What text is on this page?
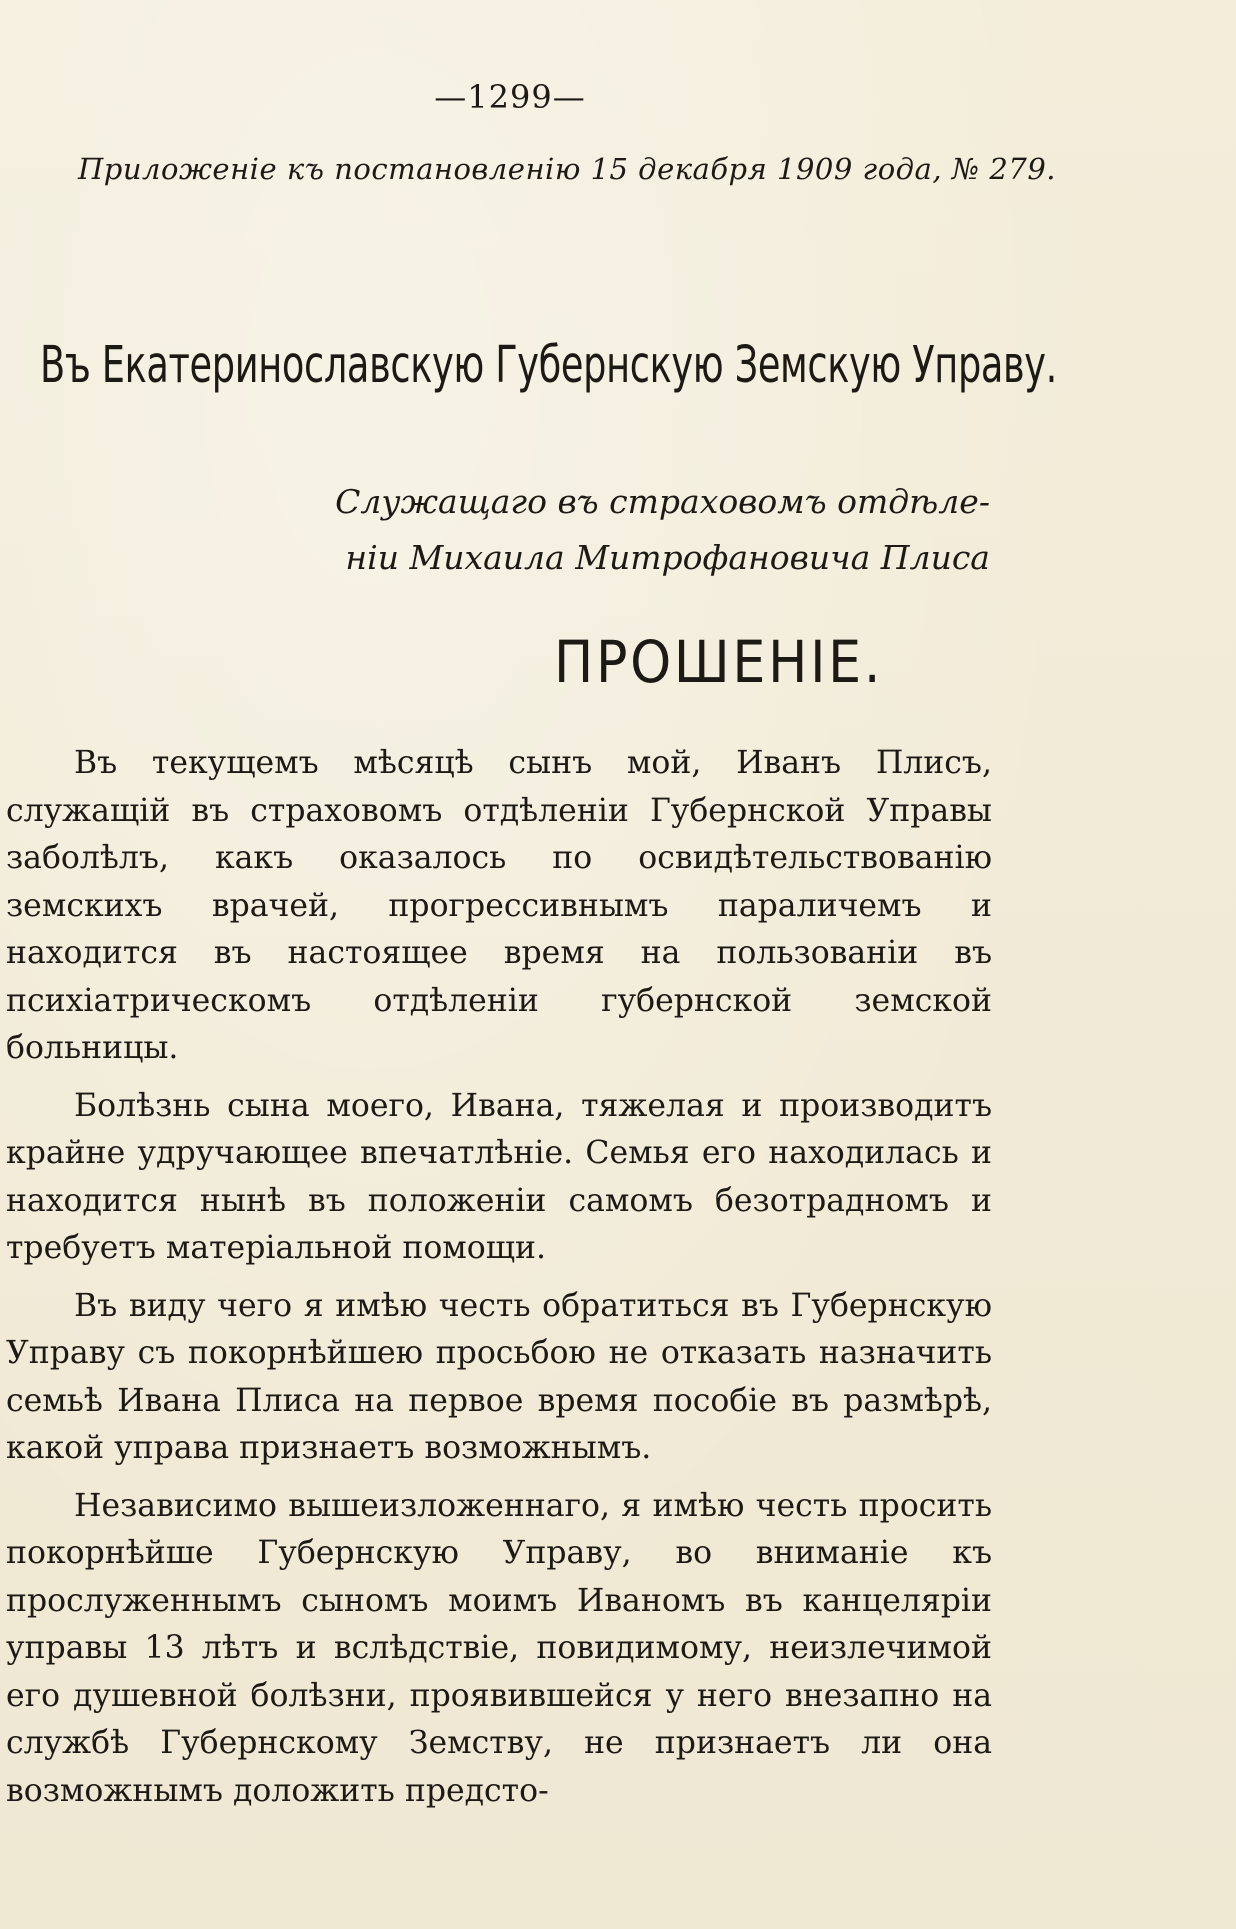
—1299—
Приложеніе къ постановленію 15 декабря 1909 года, № 279.
Въ Екатеринославскую Губернскую Земскую Управу.
Служащаго въ страховомъ отдѣле-
ніи Михаила Митрофановича Плиса
ПРОШЕНІЕ.

Въ текущемъ мѣсяцѣ сынъ мой, Иванъ Плисъ, служащій въ страховомъ отдѣленіи Губернской Управы заболѣлъ, какъ оказалось по освидѣтельствованію земскихъ врачей, прогрессивнымъ параличемъ и находится въ настоящее время на пользованіи въ психіатрическомъ отдѣленіи губернской земской больницы.

Болѣзнь сына моего, Ивана, тяжелая и производитъ крайне удручающее впечатлѣніе. Семья его находилась и находится нынѣ въ положеніи самомъ безотрадномъ и требуетъ матеріальной помощи.

Въ виду чего я имѣю честь обратиться въ Губернскую Управу съ покорнѣйшею просьбою не отказать назначить семьѣ Ивана Плиса на первое время пособіе въ размѣрѣ, какой управа признаетъ возможнымъ.

Независимо вышеизложеннаго, я имѣю честь просить покорнѣйше Губернскую Управу, во вниманіе къ прослуженнымъ сыномъ моимъ Иваномъ въ канцеляріи управы 13 лѣтъ и вслѣдствіе, повидимому, неизлечимой его душевной болѣзни, проявившейся у него внезапно на службѣ Губернскому Земству, не признаетъ ли она возможнымъ доложить предсто-
